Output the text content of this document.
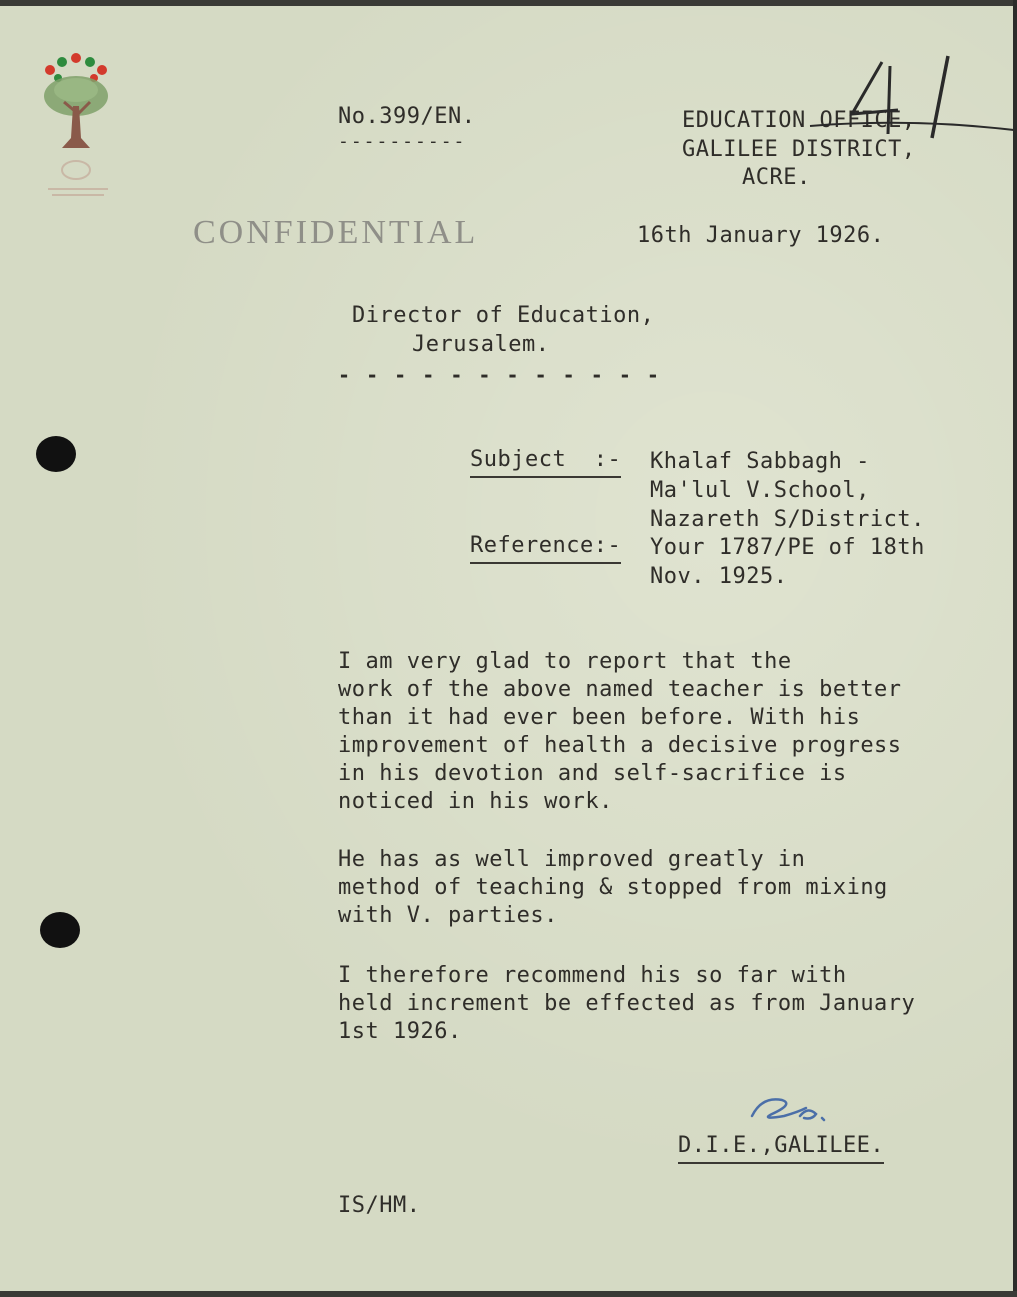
No.399/EN.
----------
EDUCATION OFFICE,
GALILEE DISTRICT,
ACRE.
CONFIDENTIAL	16th January 1926.
Director of Education,
Jerusalem.
- - - - - - - - - - - -
Subject  :- Khalaf Sabbagh -
Ma'lul V.School,
Nazareth S/District.
Reference:- Your 1787/PE of 18th
Nov. 1925.
I am very glad to report that the
work of the above named teacher is better
than it had ever been before. With his
improvement of health a decisive progress
in his devotion and self-sacrifice is
noticed in his work.
He has as well improved greatly in
method of teaching & stopped from mixing
with V. parties.
I therefore recommend his so far with
held increment be effected as from January
1st 1926.
D.I.E.,GALILEE.
IS/HM.
